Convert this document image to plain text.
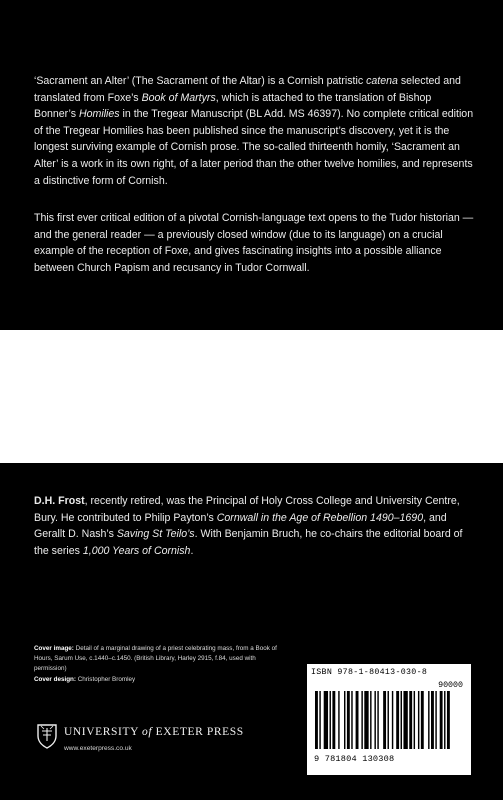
‘Sacrament an Alter’ (The Sacrament of the Altar) is a Cornish patristic catena selected and translated from Foxe’s Book of Martyrs, which is attached to the translation of Bishop Bonner’s Homilies in the Tregear Manuscript (BL Add. MS 46397). No complete critical edition of the Tregear Homilies has been published since the manuscript’s discovery, yet it is the longest surviving example of Cornish prose. The so-called thirteenth homily, ‘Sacrament an Alter’ is a work in its own right, of a later period than the other twelve homilies, and represents a distinctive form of Cornish.
This first ever critical edition of a pivotal Cornish-language text opens to the Tudor historian — and the general reader — a previously closed window (due to its language) on a crucial example of the reception of Foxe, and gives fascinating insights into a possible alliance between Church Papism and recusancy in Tudor Cornwall.
D.H. Frost, recently retired, was the Principal of Holy Cross College and University Centre, Bury. He contributed to Philip Payton’s Cornwall in the Age of Rebellion 1490–1690, and Gerallt D. Nash’s Saving St Teilo’s. With Benjamin Bruch, he co-chairs the editorial board of the series 1,000 Years of Cornish.
Cover image: Detail of a marginal drawing of a priest celebrating mass, from a Book of Hours, Sarum Use, c.1440–c.1450. (British Library, Harley 2915, f.84, used with permission)
Cover design: Christopher Bromley
UNIVERSITY of EXETER PRESS
www.exeterpress.co.uk
ISBN 978-1-80413-030-8
90000
9 781804 130308
